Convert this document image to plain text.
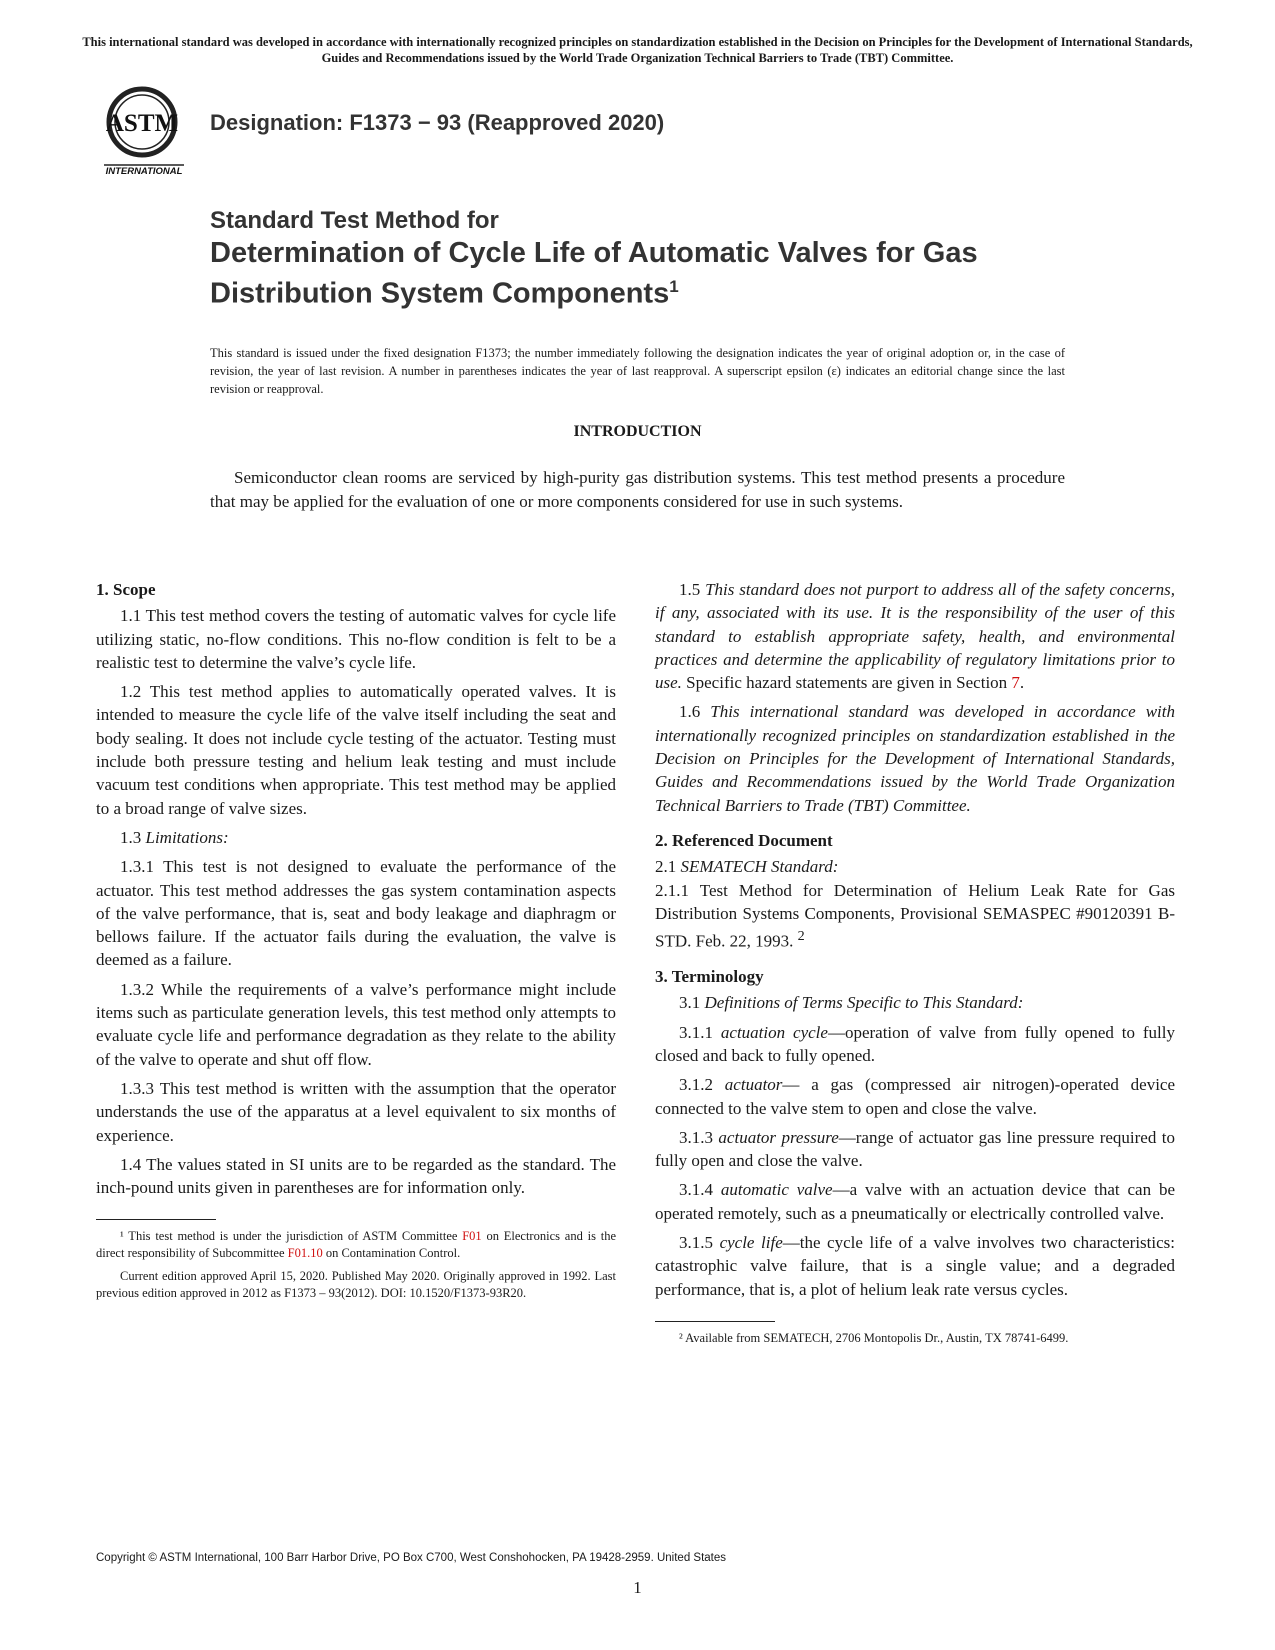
This international standard was developed in accordance with internationally recognized principles on standardization established in the Decision on Principles for the Development of International Standards, Guides and Recommendations issued by the World Trade Organization Technical Barriers to Trade (TBT) Committee.
ASTM
INTERNATIONAL
Designation: F1373 − 93 (Reapproved 2020)
Standard Test Method for
Determination of Cycle Life of Automatic Valves for Gas
Distribution System Components$^1$
This standard is issued under the fixed designation F1373; the number immediately following the designation indicates the year of original adoption or, in the case of revision, the year of last revision. A number in parentheses indicates the year of last reapproval. A superscript epsilon (ε) indicates an editorial change since the last revision or reapproval.
INTRODUCTION
Semiconductor clean rooms are serviced by high-purity gas distribution systems. This test method presents a procedure that may be applied for the evaluation of one or more components considered for use in such systems.
1. Scope

1.1 This test method covers the testing of automatic valves for cycle life utilizing static, no-flow conditions. This no-flow condition is felt to be a realistic test to determine the valve’s cycle life.

1.2 This test method applies to automatically operated valves. It is intended to measure the cycle life of the valve itself including the seat and body sealing. It does not include cycle testing of the actuator. Testing must include both pressure testing and helium leak testing and must include vacuum test conditions when appropriate. This test method may be applied to a broad range of valve sizes.

1.3 Limitations:

1.3.1 This test is not designed to evaluate the performance of the actuator. This test method addresses the gas system contamination aspects of the valve performance, that is, seat and body leakage and diaphragm or bellows failure. If the actuator fails during the evaluation, the valve is deemed as a failure.

1.3.2 While the requirements of a valve’s performance might include items such as particulate generation levels, this test method only attempts to evaluate cycle life and performance degradation as they relate to the ability of the valve to operate and shut off flow.

1.3.3 This test method is written with the assumption that the operator understands the use of the apparatus at a level equivalent to six months of experience.

1.4 The values stated in SI units are to be regarded as the standard. The inch-pound units given in parentheses are for information only.

¹ This test method is under the jurisdiction of ASTM Committee F01 on Electronics and is the direct responsibility of Subcommittee F01.10 on Contamination Control.

Current edition approved April 15, 2020. Published May 2020. Originally approved in 1992. Last previous edition approved in 2012 as F1373 – 93(2012). DOI: 10.1520/F1373-93R20.

1.5 This standard does not purport to address all of the safety concerns, if any, associated with its use. It is the responsibility of the user of this standard to establish appropriate safety, health, and environmental practices and determine the applicability of regulatory limitations prior to use. Specific hazard statements are given in Section 7.

1.6 This international standard was developed in accordance with internationally recognized principles on standardization established in the Decision on Principles for the Development of International Standards, Guides and Recommendations issued by the World Trade Organization Technical Barriers to Trade (TBT) Committee.

2. Referenced Document

2.1 SEMATECH Standard:

2.1.1 Test Method for Determination of Helium Leak Rate for Gas Distribution Systems Components, Provisional SEMASPEC #90120391 B-STD. Feb. 22, 1993. $^2$

3. Terminology

3.1 Definitions of Terms Specific to This Standard:

3.1.1 actuation cycle—operation of valve from fully opened to fully closed and back to fully opened.

3.1.2 actuator— a gas (compressed air nitrogen)-operated device connected to the valve stem to open and close the valve.

3.1.3 actuator pressure—range of actuator gas line pressure required to fully open and close the valve.

3.1.4 automatic valve—a valve with an actuation device that can be operated remotely, such as a pneumatically or electrically controlled valve.

3.1.5 cycle life—the cycle life of a valve involves two characteristics: catastrophic valve failure, that is a single value; and a degraded performance, that is, a plot of helium leak rate versus cycles.

² Available from SEMATECH, 2706 Montopolis Dr., Austin, TX 78741-6499.

Copyright © ASTM International, 100 Barr Harbor Drive, PO Box C700, West Conshohocken, PA 19428-2959. United States
1
